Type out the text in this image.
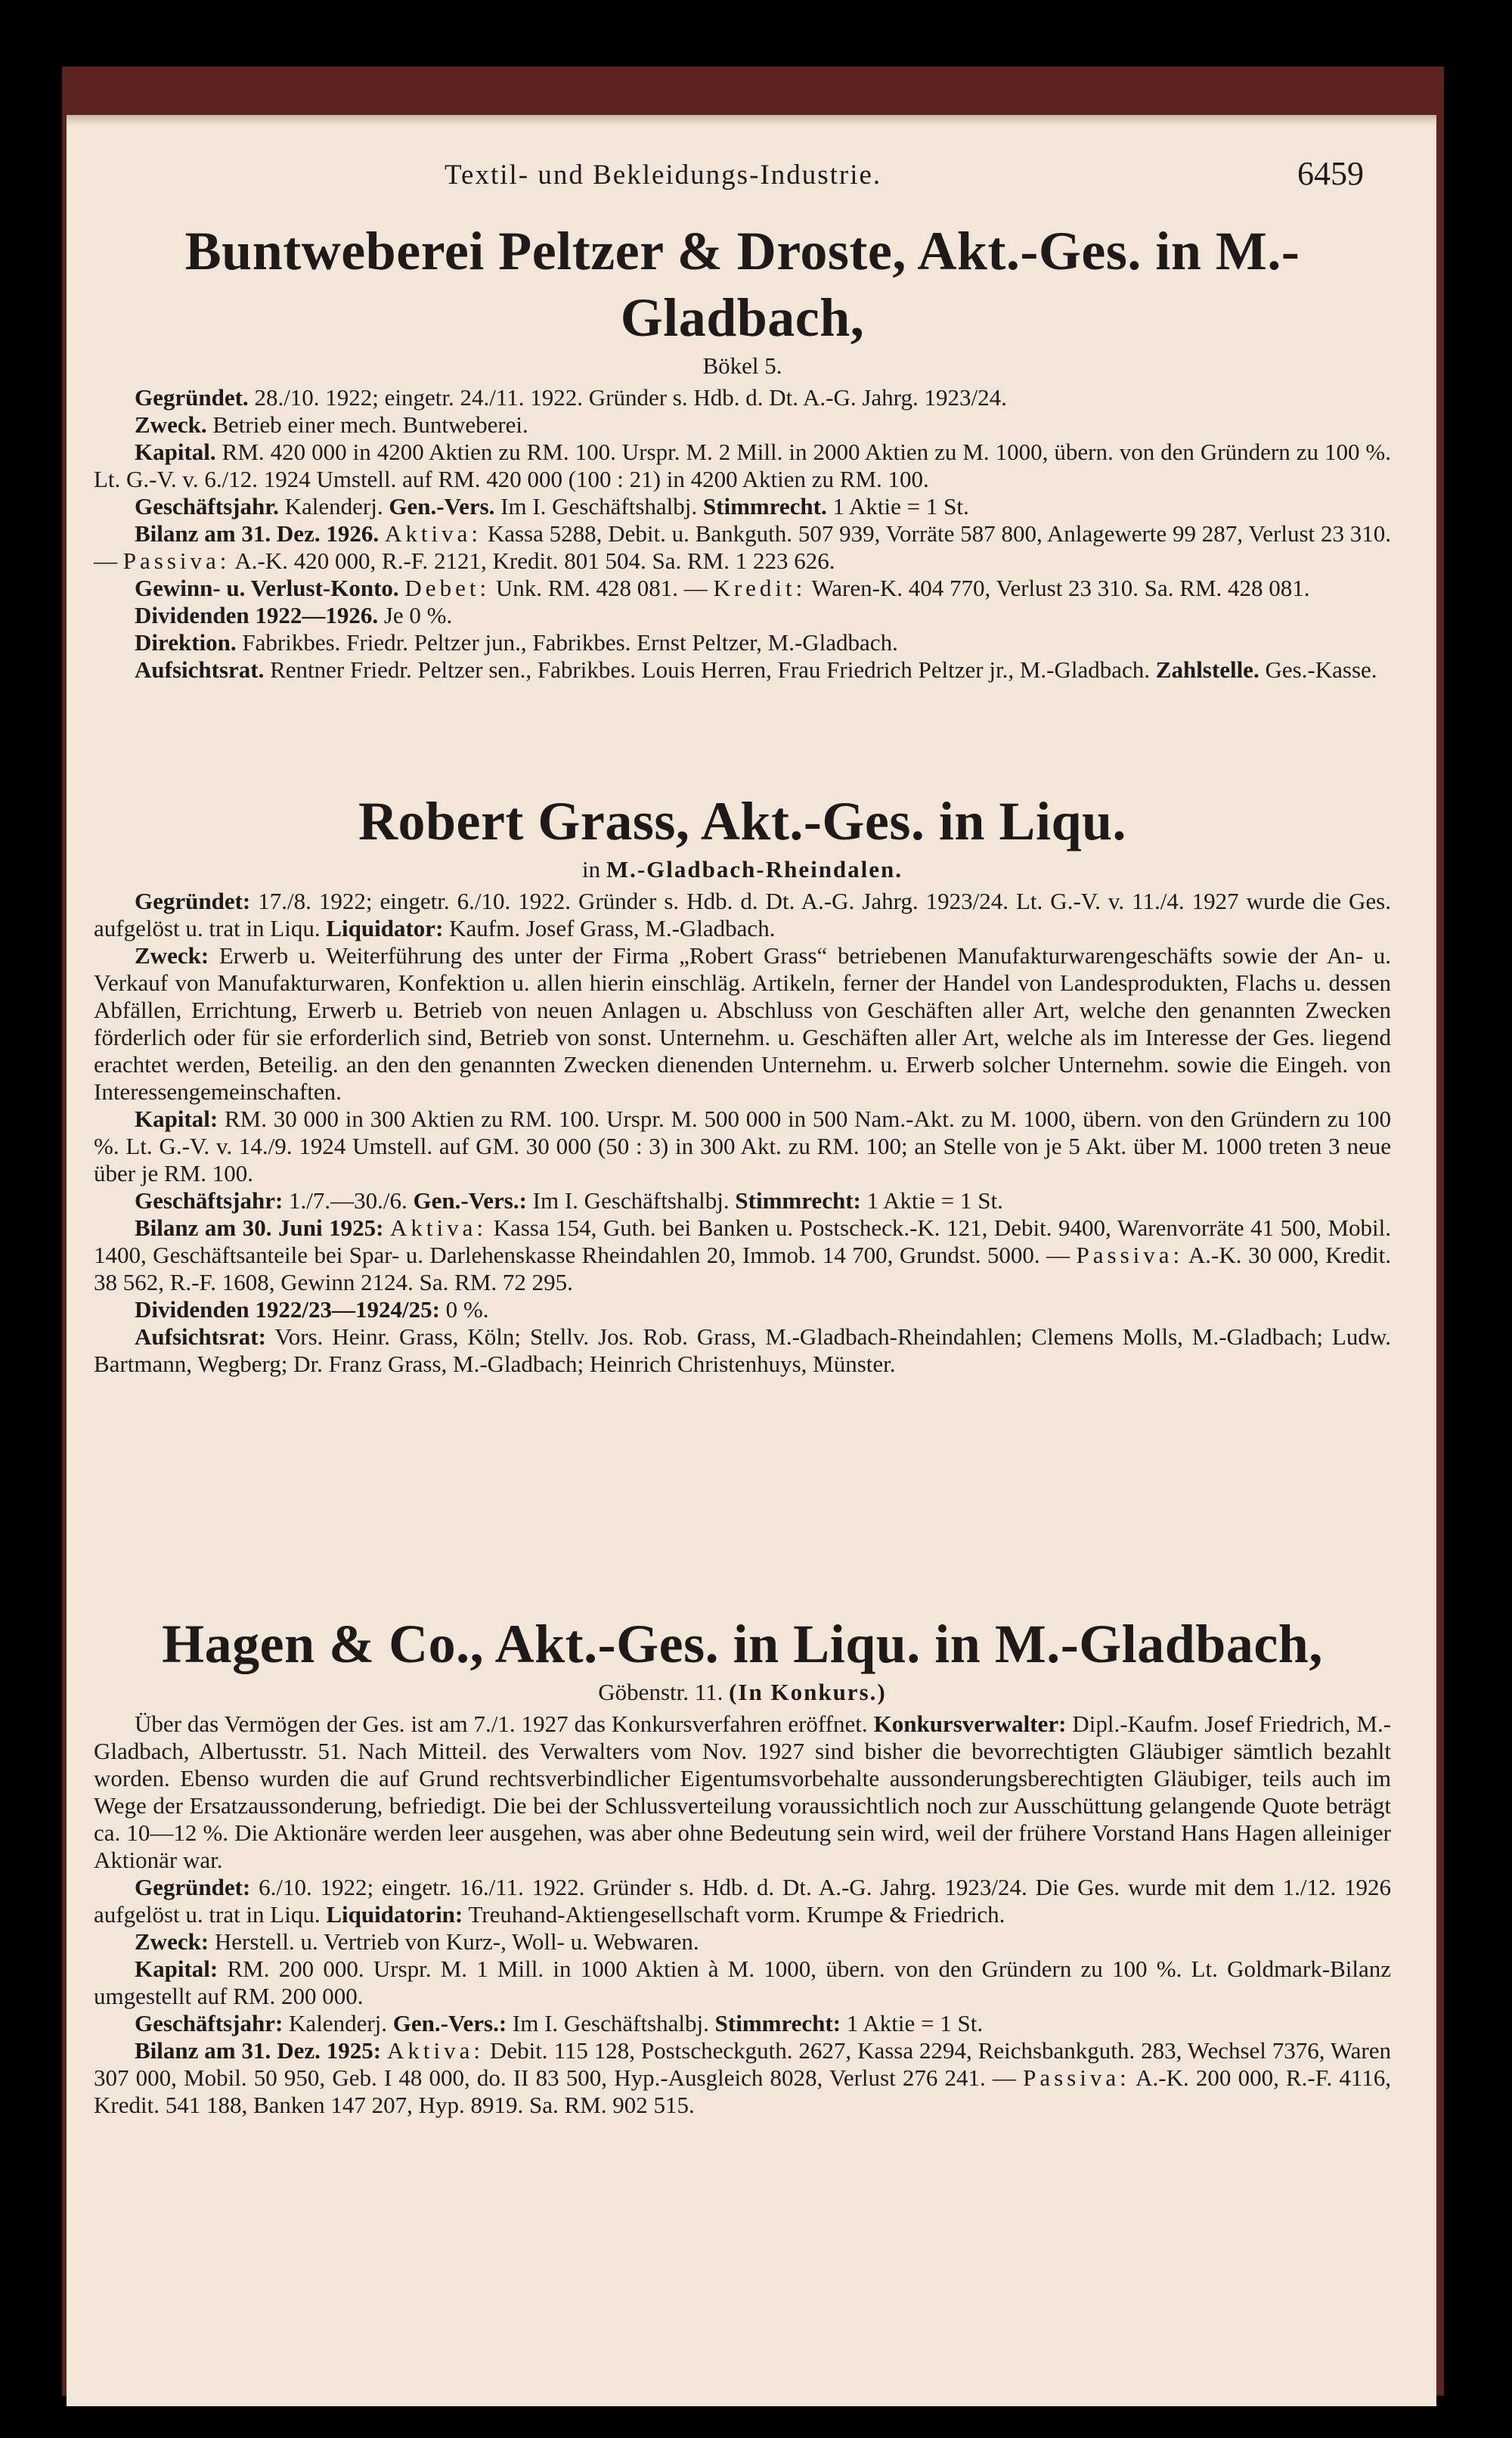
Textil- und Bekleidungs-Industrie.	6459
Buntweberei Peltzer & Droste, Akt.-Ges. in M.-Gladbach,
Bökel 5.

Gegründet. 28./10. 1922; eingetr. 24./11. 1922. Gründer s. Hdb. d. Dt. A.-G. Jahrg. 1923/24.

Zweck. Betrieb einer mech. Buntweberei.

Kapital. RM. 420 000 in 4200 Aktien zu RM. 100. Urspr. M. 2 Mill. in 2000 Aktien zu M. 1000, übern. von den Gründern zu 100 %. Lt. G.-V. v. 6./12. 1924 Umstell. auf RM. 420 000 (100 : 21) in 4200 Aktien zu RM. 100.

Geschäftsjahr. Kalenderj. Gen.-Vers. Im I. Geschäftshalbj. Stimmrecht. 1 Aktie = 1 St.

Bilanz am 31. Dez. 1926. Aktiva: Kassa 5288, Debit. u. Bankguth. 507 939, Vorräte 587 800, Anlagewerte 99 287, Verlust 23 310. — Passiva: A.-K. 420 000, R.-F. 2121, Kredit. 801 504. Sa. RM. 1 223 626.

Gewinn- u. Verlust-Konto. Debet: Unk. RM. 428 081. — Kredit: Waren-K. 404 770, Verlust 23 310. Sa. RM. 428 081.

Dividenden 1922—1926. Je 0 %.

Direktion. Fabrikbes. Friedr. Peltzer jun., Fabrikbes. Ernst Peltzer, M.-Gladbach.

Aufsichtsrat. Rentner Friedr. Peltzer sen., Fabrikbes. Louis Herren, Frau Friedrich Peltzer jr., M.-Gladbach. Zahlstelle. Ges.-Kasse.

Robert Grass, Akt.-Ges. in Liqu.
in M.-Gladbach-Rheindalen.

Gegründet: 17./8. 1922; eingetr. 6./10. 1922. Gründer s. Hdb. d. Dt. A.-G. Jahrg. 1923/24. Lt. G.-V. v. 11./4. 1927 wurde die Ges. aufgelöst u. trat in Liqu. Liquidator: Kaufm. Josef Grass, M.-Gladbach.

Zweck: Erwerb u. Weiterführung des unter der Firma „Robert Grass“ betriebenen Manufakturwarengeschäfts sowie der An- u. Verkauf von Manufakturwaren, Konfektion u. allen hierin einschläg. Artikeln, ferner der Handel von Landesprodukten, Flachs u. dessen Abfällen, Errichtung, Erwerb u. Betrieb von neuen Anlagen u. Abschluss von Geschäften aller Art, welche den genannten Zwecken förderlich oder für sie erforderlich sind, Betrieb von sonst. Unternehm. u. Geschäften aller Art, welche als im Interesse der Ges. liegend erachtet werden, Beteilig. an den den genannten Zwecken dienenden Unternehm. u. Erwerb solcher Unternehm. sowie die Eingeh. von Interessengemeinschaften.

Kapital: RM. 30 000 in 300 Aktien zu RM. 100. Urspr. M. 500 000 in 500 Nam.-Akt. zu M. 1000, übern. von den Gründern zu 100 %. Lt. G.-V. v. 14./9. 1924 Umstell. auf GM. 30 000 (50 : 3) in 300 Akt. zu RM. 100; an Stelle von je 5 Akt. über M. 1000 treten 3 neue über je RM. 100.

Geschäftsjahr: 1./7.—30./6. Gen.-Vers.: Im I. Geschäftshalbj. Stimmrecht: 1 Aktie = 1 St.

Bilanz am 30. Juni 1925: Aktiva: Kassa 154, Guth. bei Banken u. Postscheck.-K. 121, Debit. 9400, Warenvorräte 41 500, Mobil. 1400, Geschäftsanteile bei Spar- u. Darlehenskasse Rheindahlen 20, Immob. 14 700, Grundst. 5000. — Passiva: A.-K. 30 000, Kredit. 38 562, R.-F. 1608, Gewinn 2124. Sa. RM. 72 295.

Dividenden 1922/23—1924/25: 0 %.

Aufsichtsrat: Vors. Heinr. Grass, Köln; Stellv. Jos. Rob. Grass, M.-Gladbach-Rheindahlen; Clemens Molls, M.-Gladbach; Ludw. Bartmann, Wegberg; Dr. Franz Grass, M.-Gladbach; Heinrich Christenhuys, Münster.

Hagen & Co., Akt.-Ges. in Liqu. in M.-Gladbach,
Göbenstr. 11. (In Konkurs.)

Über das Vermögen der Ges. ist am 7./1. 1927 das Konkursverfahren eröffnet. Konkursverwalter: Dipl.-Kaufm. Josef Friedrich, M.-Gladbach, Albertusstr. 51. Nach Mitteil. des Verwalters vom Nov. 1927 sind bisher die bevorrechtigten Gläubiger sämtlich bezahlt worden. Ebenso wurden die auf Grund rechtsverbindlicher Eigentumsvorbehalte aussonderungsberechtigten Gläubiger, teils auch im Wege der Ersatzaussonderung, befriedigt. Die bei der Schlussverteilung voraussichtlich noch zur Ausschüttung gelangende Quote beträgt ca. 10—12 %. Die Aktionäre werden leer ausgehen, was aber ohne Bedeutung sein wird, weil der frühere Vorstand Hans Hagen alleiniger Aktionär war.

Gegründet: 6./10. 1922; eingetr. 16./11. 1922. Gründer s. Hdb. d. Dt. A.-G. Jahrg. 1923/24. Die Ges. wurde mit dem 1./12. 1926 aufgelöst u. trat in Liqu. Liquidatorin: Treuhand-Aktiengesellschaft vorm. Krumpe & Friedrich.

Zweck: Herstell. u. Vertrieb von Kurz-, Woll- u. Webwaren.

Kapital: RM. 200 000. Urspr. M. 1 Mill. in 1000 Aktien à M. 1000, übern. von den Gründern zu 100 %. Lt. Goldmark-Bilanz umgestellt auf RM. 200 000.

Geschäftsjahr: Kalenderj. Gen.-Vers.: Im I. Geschäftshalbj. Stimmrecht: 1 Aktie = 1 St.

Bilanz am 31. Dez. 1925: Aktiva: Debit. 115 128, Postscheckguth. 2627, Kassa 2294, Reichsbankguth. 283, Wechsel 7376, Waren 307 000, Mobil. 50 950, Geb. I 48 000, do. II 83 500, Hyp.-Ausgleich 8028, Verlust 276 241. — Passiva: A.-K. 200 000, R.-F. 4116, Kredit. 541 188, Banken 147 207, Hyp. 8919. Sa. RM. 902 515.
